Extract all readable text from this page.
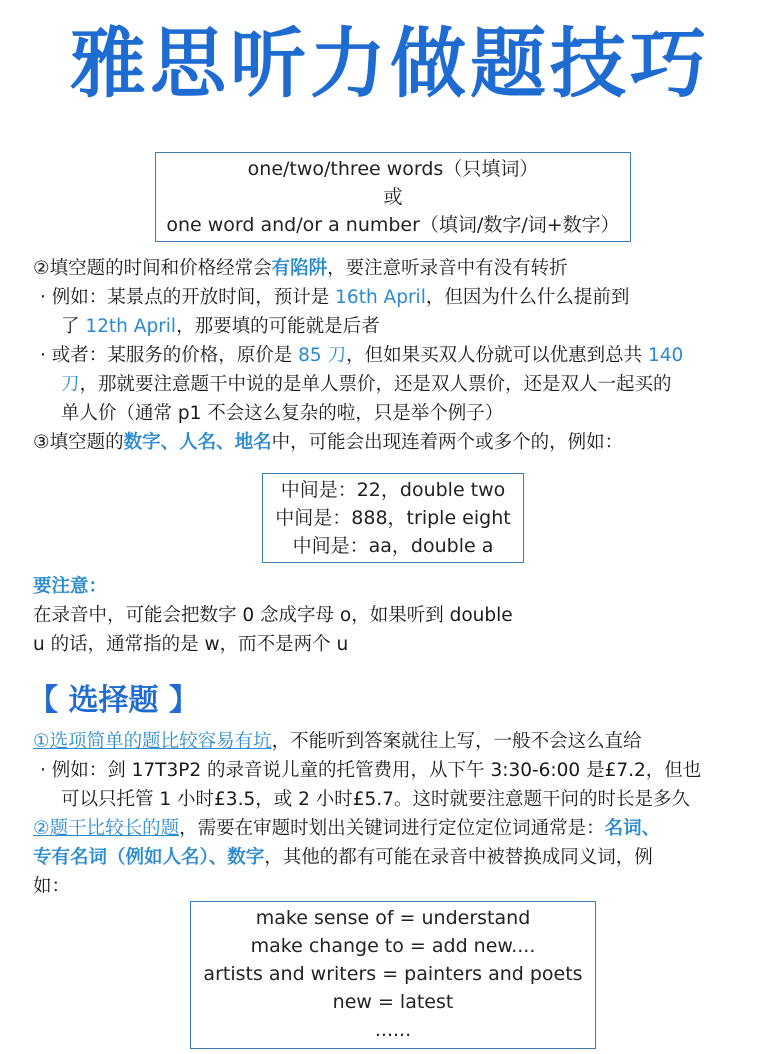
雅思听力做题技巧
one/two/three words（只填词）
或
one word and/or a number（填词/数字/词+数字）
②填空题的时间和价格经常会有陷阱，要注意听录音中有没有转折
· 例如：某景点的开放时间，预计是 16th April，但因为什么什么提前到
了 12th April，那要填的可能就是后者
· 或者：某服务的价格，原价是 85 刀，但如果买双人份就可以优惠到总共 140
刀，那就要注意题干中说的是单人票价，还是双人票价，还是双人一起买的
单人价（通常 p1 不会这么复杂的啦，只是举个例子）
③填空题的数字、人名、地名中，可能会出现连着两个或多个的，例如：
中间是：22，double two
中间是：888，triple eight
中间是：aa，double a
要注意：
在录音中，可能会把数字 0 念成字母 o，如果听到 double
u 的话，通常指的是 w，而不是两个 u
【 选择题 】
①选项简单的题比较容易有坑，不能听到答案就往上写，一般不会这么直给
· 例如：剑 17T3P2 的录音说儿童的托管费用，从下午 3:30-6:00 是£7.2，但也
可以只托管 1 小时£3.5，或 2 小时£5.7。这时就要注意题干问的时长是多久
②题干比较长的题，需要在审题时划出关键词进行定位定位词通常是：名词、
专有名词（例如人名）、数字，其他的都有可能在录音中被替换成同义词，例
如：
make sense of = understand
make change to = add new....
artists and writers = painters and poets
new = latest
......
